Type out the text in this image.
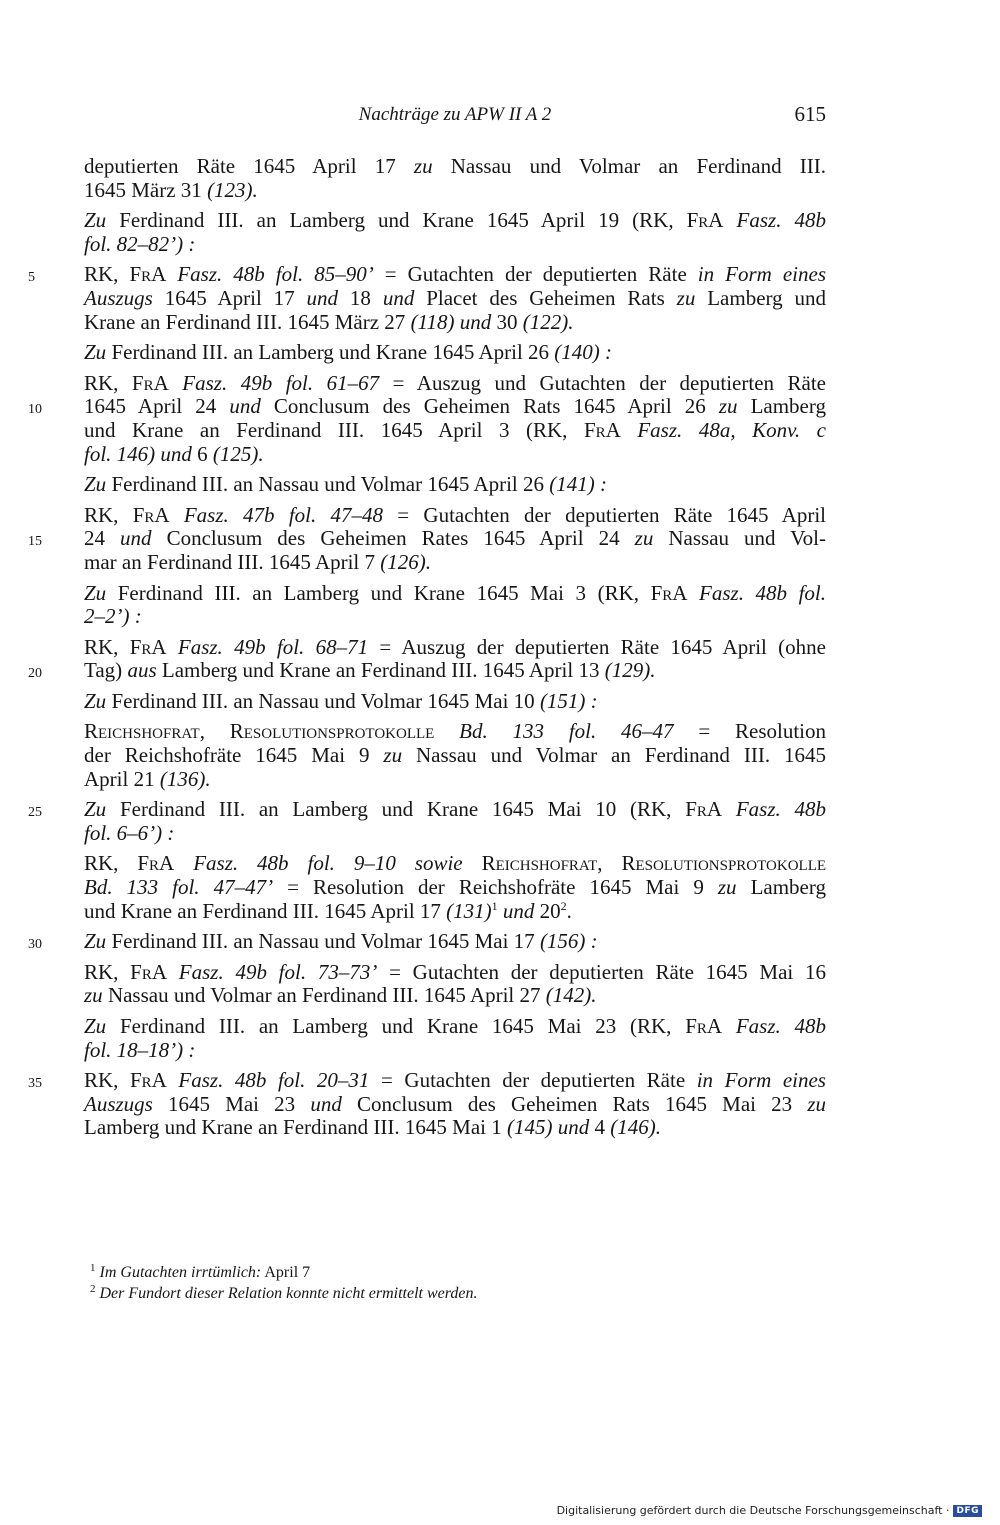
Nachträge zu APW II A 2	615
deputierten Räte 1645 April 17 zu Nassau und Volmar an Ferdinand III.
1645 März 31 (123).
Zu Ferdinand III. an Lamberg und Krane 1645 April 19 (RK, FrA Fasz. 48b
fol. 82–82’) :
5	RK, FrA Fasz. 48b fol. 85–90’ = Gutachten der deputierten Räte in Form eines
Auszugs 1645 April 17 und 18 und Placet des Geheimen Rats zu Lamberg und
Krane an Ferdinand III. 1645 März 27 (118) und 30 (122).
Zu Ferdinand III. an Lamberg und Krane 1645 April 26 (140) :
RK, FrA Fasz. 49b fol. 61–67 = Auszug und Gutachten der deputierten Räte
10	1645 April 24 und Conclusum des Geheimen Rats 1645 April 26 zu Lamberg
und Krane an Ferdinand III. 1645 April 3 (RK, FrA Fasz. 48a, Konv. c
fol. 146) und 6 (125).
Zu Ferdinand III. an Nassau und Volmar 1645 April 26 (141) :
RK, FrA Fasz. 47b fol. 47–48 = Gutachten der deputierten Räte 1645 April
15	24 und Conclusum des Geheimen Rates 1645 April 24 zu Nassau und Vol-
mar an Ferdinand III. 1645 April 7 (126).
Zu Ferdinand III. an Lamberg und Krane 1645 Mai 3 (RK, FrA Fasz. 48b fol.
2–2’) :
RK, FrA Fasz. 49b fol. 68–71 = Auszug der deputierten Räte 1645 April (ohne
20	Tag) aus Lamberg und Krane an Ferdinand III. 1645 April 13 (129).
Zu Ferdinand III. an Nassau und Volmar 1645 Mai 10 (151) :
Reichshofrat, Resolutionsprotokolle Bd. 133 fol. 46–47 = Resolution
der Reichshofräte 1645 Mai 9 zu Nassau und Volmar an Ferdinand III. 1645
April 21 (136).
25	Zu Ferdinand III. an Lamberg und Krane 1645 Mai 10 (RK, FrA Fasz. 48b
fol. 6–6’) :
RK, FrA Fasz. 48b fol. 9–10 sowie Reichshofrat, Resolutionsprotokolle
Bd. 133 fol. 47–47’ = Resolution der Reichshofräte 1645 Mai 9 zu Lamberg
und Krane an Ferdinand III. 1645 April 17 $(131)^1$ und $20^2$.
30	Zu Ferdinand III. an Nassau und Volmar 1645 Mai 17 (156) :
RK, FrA Fasz. 49b fol. 73–73’ = Gutachten der deputierten Räte 1645 Mai 16
zu Nassau und Volmar an Ferdinand III. 1645 April 27 (142).
Zu Ferdinand III. an Lamberg und Krane 1645 Mai 23 (RK, FrA Fasz. 48b
fol. 18–18’) :
35	RK, FrA Fasz. 48b fol. 20–31 = Gutachten der deputierten Räte in Form eines
Auszugs 1645 Mai 23 und Conclusum des Geheimen Rats 1645 Mai 23 zu
Lamberg und Krane an Ferdinand III. 1645 Mai 1 (145) und 4 (146).
$^1$ Im Gutachten irrtümlich: April 7
$^2$ Der Fundort dieser Relation konnte nicht ermittelt werden.
Digitalisierung gefördert durch die Deutsche Forschungsgemeinschaft · DFG
